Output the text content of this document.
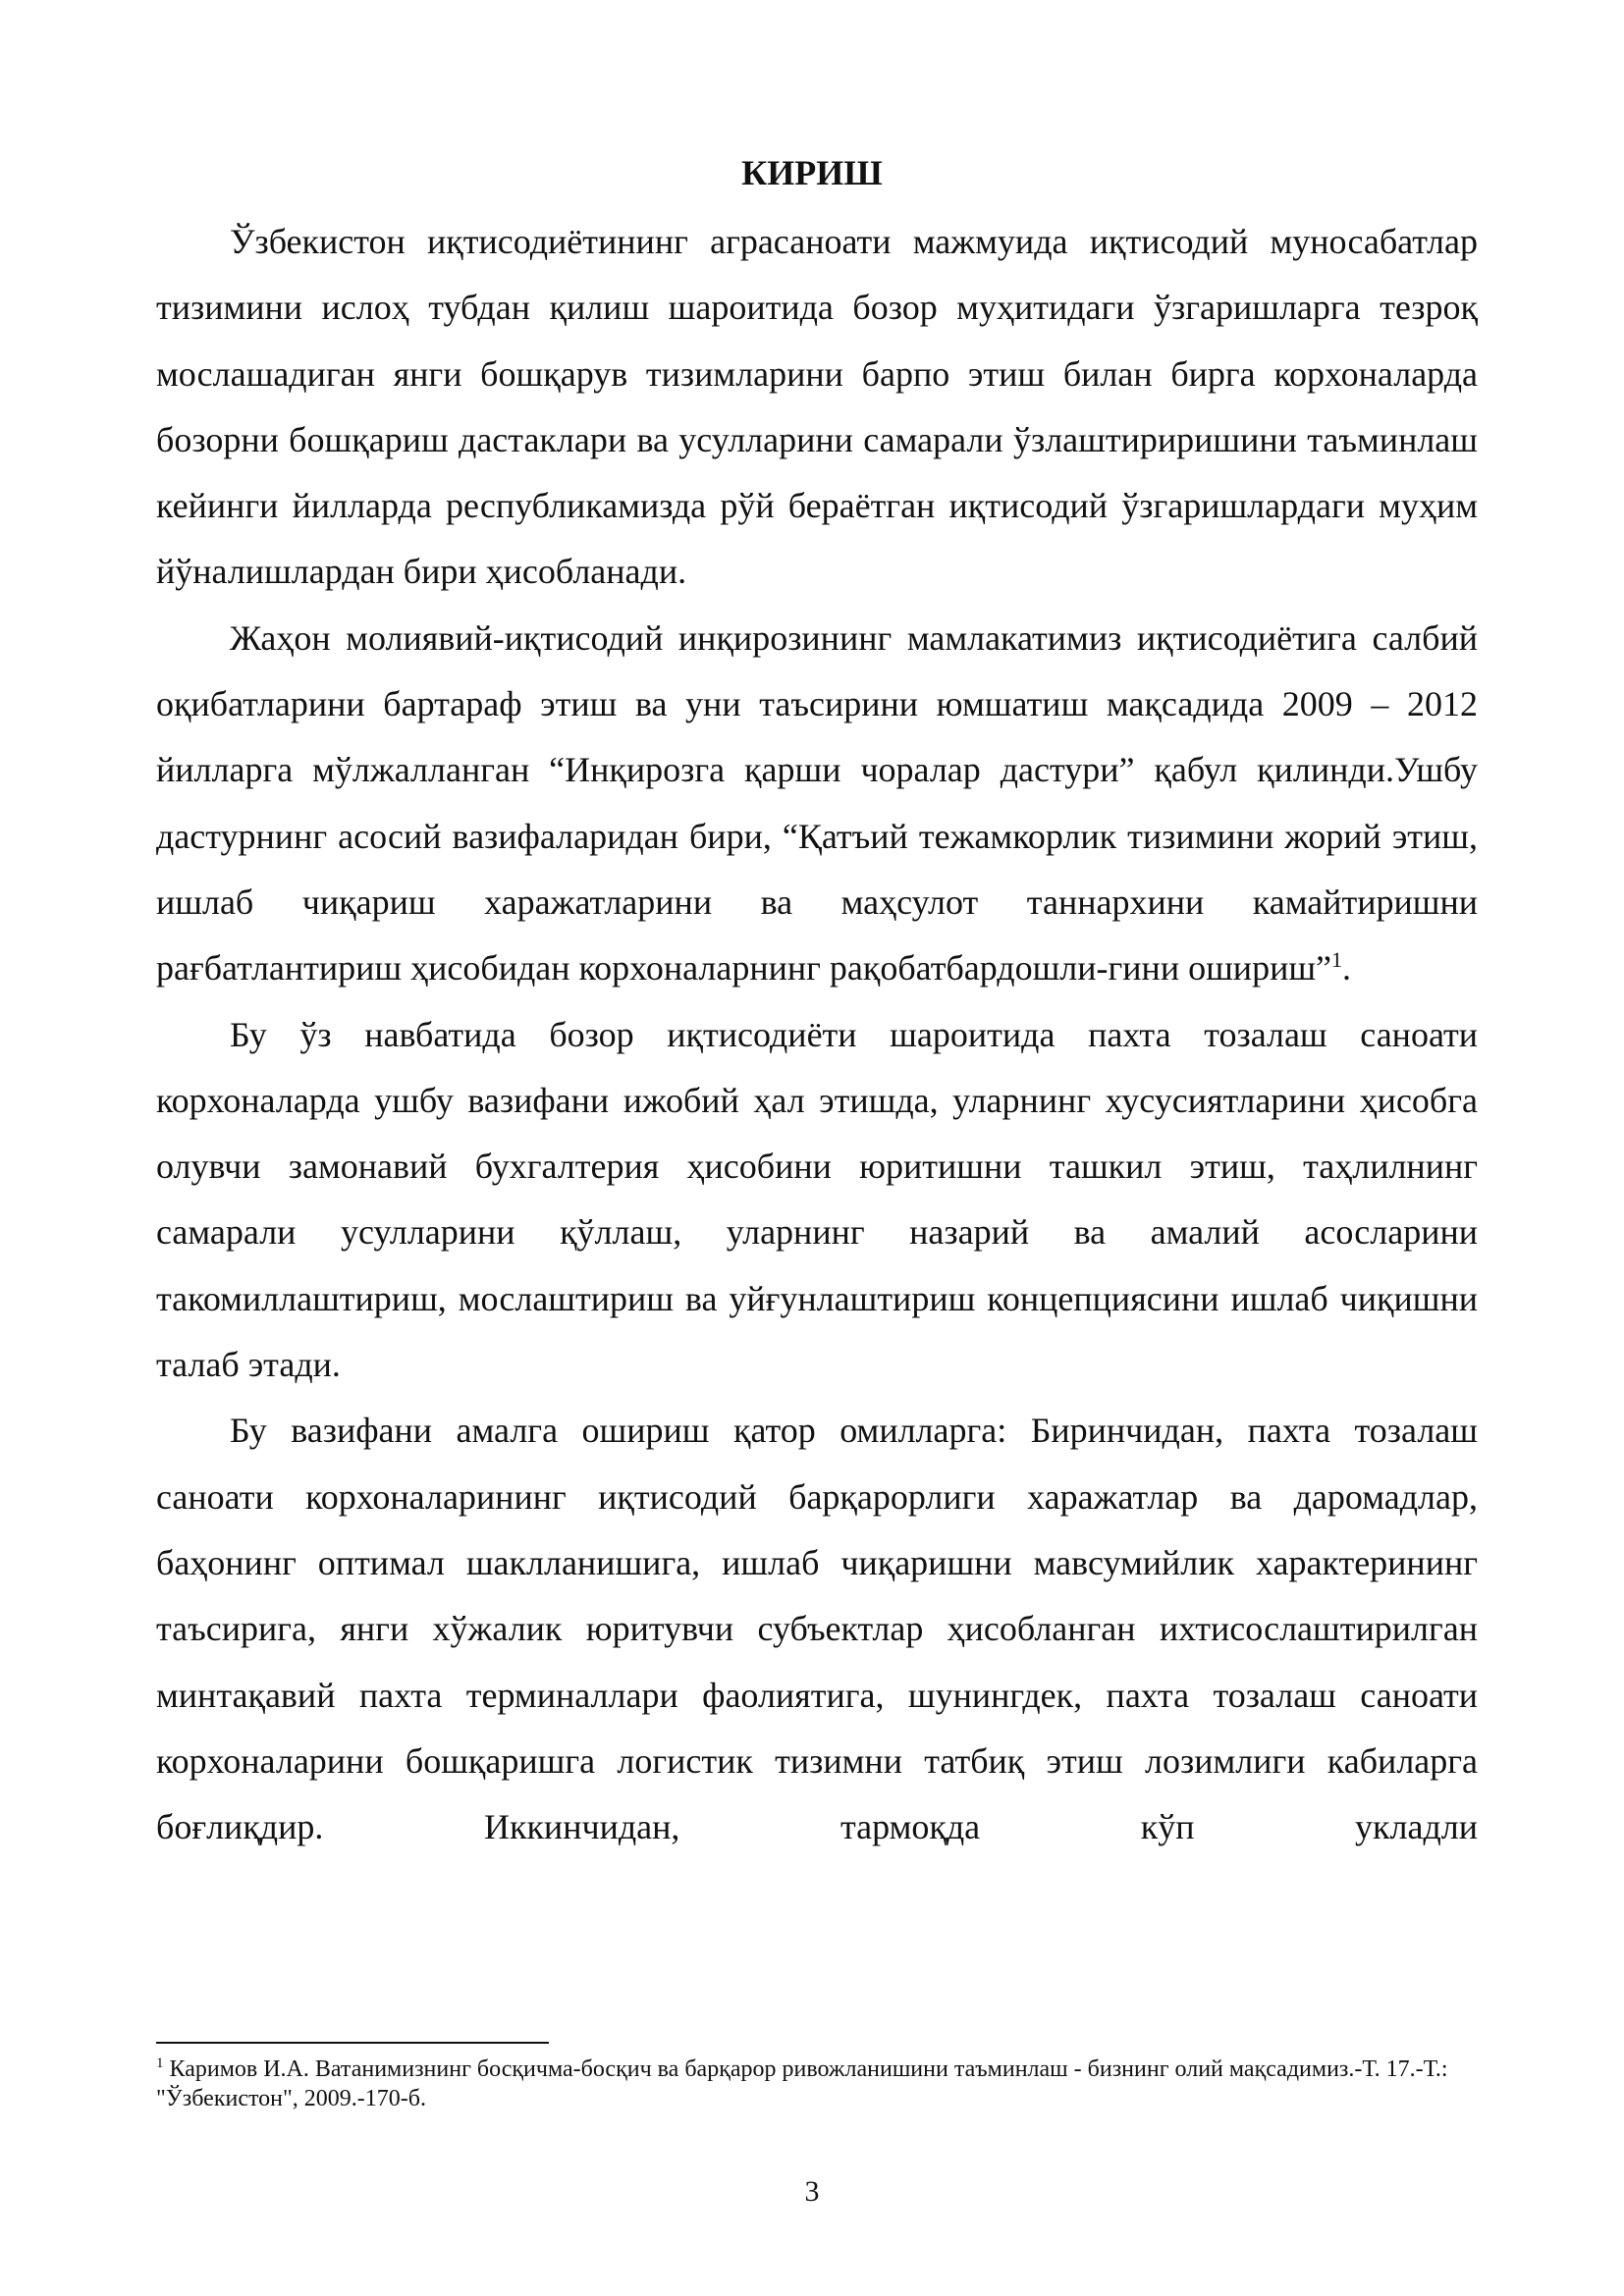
КИРИШ

Ўзбекистон иқтисодиётининг аграсаноати мажмуида иқтисодий муносабатлар тизимини ислоҳ тубдан қилиш шароитида бозор муҳитидаги ўзгаришларга тезроқ мослашадиган янги бошқарув тизимларини барпо этиш билан бирга корхоналарда бозорни бошқариш дастаклари ва усулларини самарали ўзлаштириришини таъминлаш кейинги йилларда республикамизда рўй бераётган иқтисодий ўзгаришлардаги муҳим йўналишлардан бири ҳисобланади.

Жаҳон молиявий-иқтисодий инқирозининг мамлакатимиз иқтисодиётига салбий оқибатларини бартараф этиш ва уни таъсирини юмшатиш мақсадида 2009 – 2012 йилларга мўлжалланган “Инқирозга қарши чоралар дастури” қабул қилинди.Ушбу дастурнинг асосий вазифаларидан бири, “Қатъий тежамкорлик тизимини жорий этиш, ишлаб чиқариш харажатларини ва маҳсулот таннархини камайтиришни рағбатлантириш ҳисобидан корхоналарнинг рақобатбардошли-гини ошириш”$^1$.

Бу ўз навбатида бозор иқтисодиёти шароитида пахта тозалаш саноати корхоналарда ушбу вазифани ижобий ҳал этишда, уларнинг хусусиятларини ҳисобга олувчи замонавий бухгалтерия ҳисобини юритишни ташкил этиш, таҳлилнинг самарали усулларини қўллаш, уларнинг назарий ва амалий асосларини такомиллаштириш, мослаштириш ва уйғунлаштириш концепциясини ишлаб чиқишни талаб этади.

Бу вазифани амалга ошириш қатор омилларга: Биринчидан, пахта тозалаш саноати корхоналарининг иқтисодий барқарорлиги харажатлар ва даромадлар, баҳонинг оптимал шаклланишига, ишлаб чиқаришни мавсумийлик характерининг таъсирига, янги хўжалик юритувчи субъектлар ҳисобланган ихтисослаштирилган минтақавий пахта терминаллари фаолиятига, шунингдек, пахта тозалаш саноати корхоналарини бошқаришга логистик тизимни татбиқ этиш лозимлиги кабиларга боғлиқдир. Иккинчидан, тармоқда кўп укладли

$^1$ Каримов И.А. Ватанимизнинг босқичма-босқич ва барқарор ривожланишини таъминлаш - бизнинг олий мақсадимиз.-Т. 17.-Т.: "Ўзбекистон", 2009.-170-б.
3
